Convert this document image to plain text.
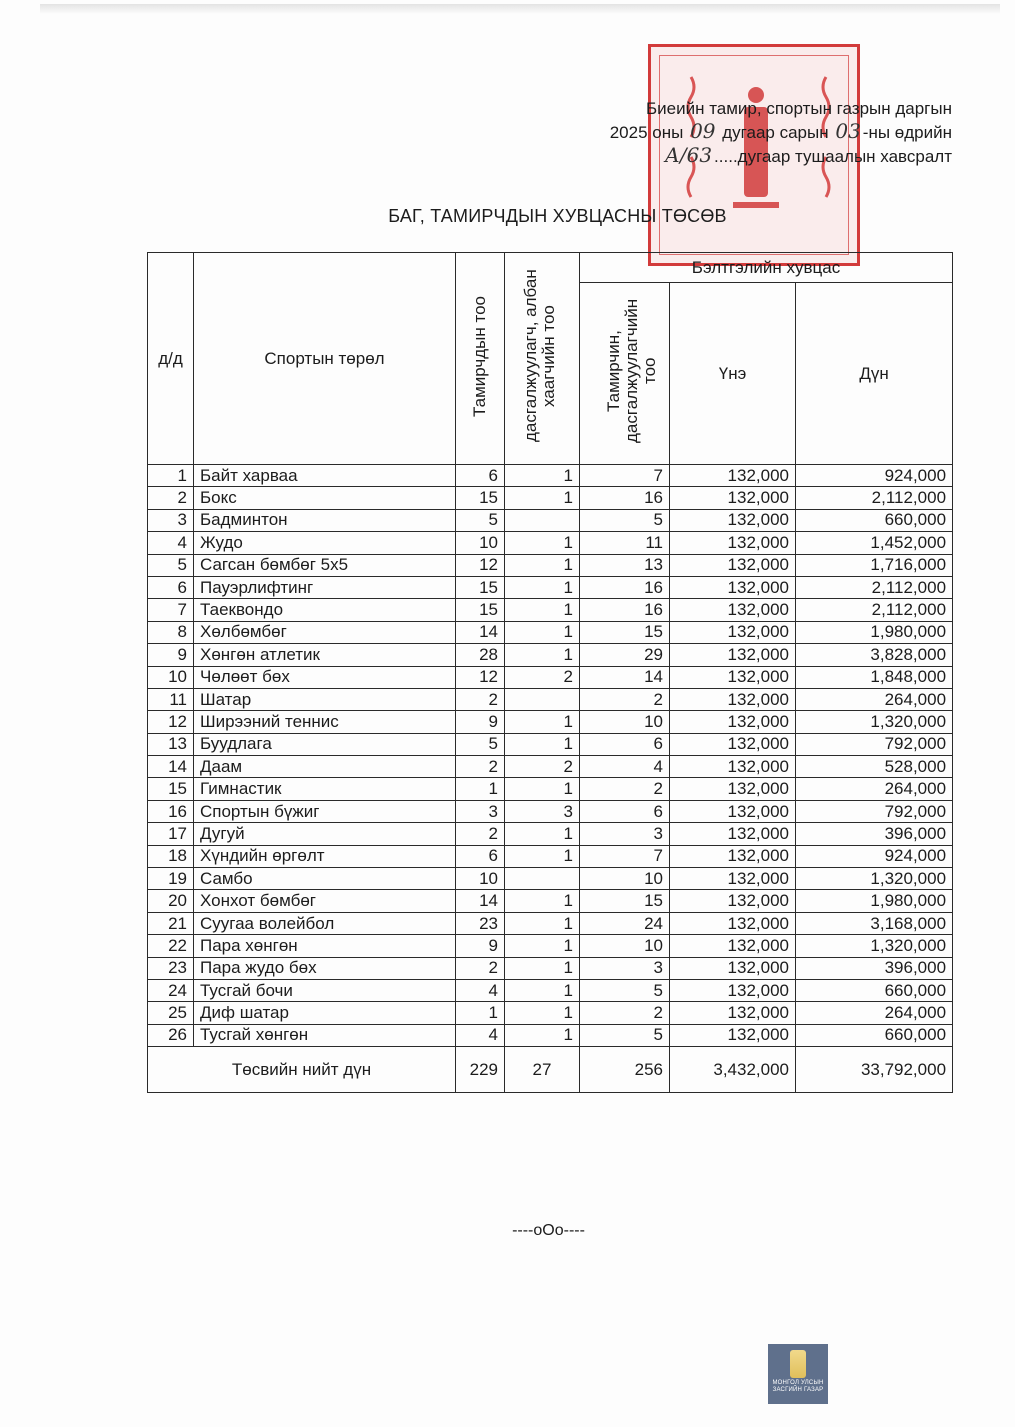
Биеийн тамир, спортын газрын даргын
2025 оны 09 дугаар сарын 03 -ны өдрийн
А/63 .....дугаар тушаалын хавсралт
БАГ, ТАМИРЧДЫН ХУВЦАСНЫ ТӨСӨВ
д/д	Спортын төрөл	Тамирчдын тоо	дасгалжуулагч, албан хаагчийн тоо	Бэлтгэлийн хувцас		
				Тамирчин, дасгалжуулагчийн тоо	Үнэ	Дүн
1	Байт харваа	6	1	7	132,000	924,000
2	Бокс	15	1	16	132,000	2,112,000
3	Бадминтон	5		5	132,000	660,000
4	Жудо	10	1	11	132,000	1,452,000
5	Сагсан бөмбөг 5х5	12	1	13	132,000	1,716,000
6	Пауэрлифтинг	15	1	16	132,000	2,112,000
7	Таеквондо	15	1	16	132,000	2,112,000
8	Хөлбөмбөг	14	1	15	132,000	1,980,000
9	Хөнгөн атлетик	28	1	29	132,000	3,828,000
10	Чөлөөт бөх	12	2	14	132,000	1,848,000
11	Шатар	2		2	132,000	264,000
12	Ширээний теннис	9	1	10	132,000	1,320,000
13	Буудлага	5	1	6	132,000	792,000
14	Даам	2	2	4	132,000	528,000
15	Гимнастик	1	1	2	132,000	264,000
16	Спортын бүжиг	3	3	6	132,000	792,000
17	Дугуй	2	1	3	132,000	396,000
18	Хүндийн өргөлт	6	1	7	132,000	924,000
19	Самбо	10		10	132,000	1,320,000
20	Хонхот бөмбөг	14	1	15	132,000	1,980,000
21	Суугаа волейбол	23	1	24	132,000	3,168,000
22	Пара хөнгөн	9	1	10	132,000	1,320,000
23	Пара жудо бөх	2	1	3	132,000	396,000
24	Тусгай бочи	4	1	5	132,000	660,000
25	Диф шатар	1	1	2	132,000	264,000
26	Тусгай хөнгөн	4	1	5	132,000	660,000
Төсвийн нийт дүн		229	27	256	3,432,000	33,792,000
----oOo----
МОНГОЛ УЛСЫН ЗАСГИЙН ГАЗАР
